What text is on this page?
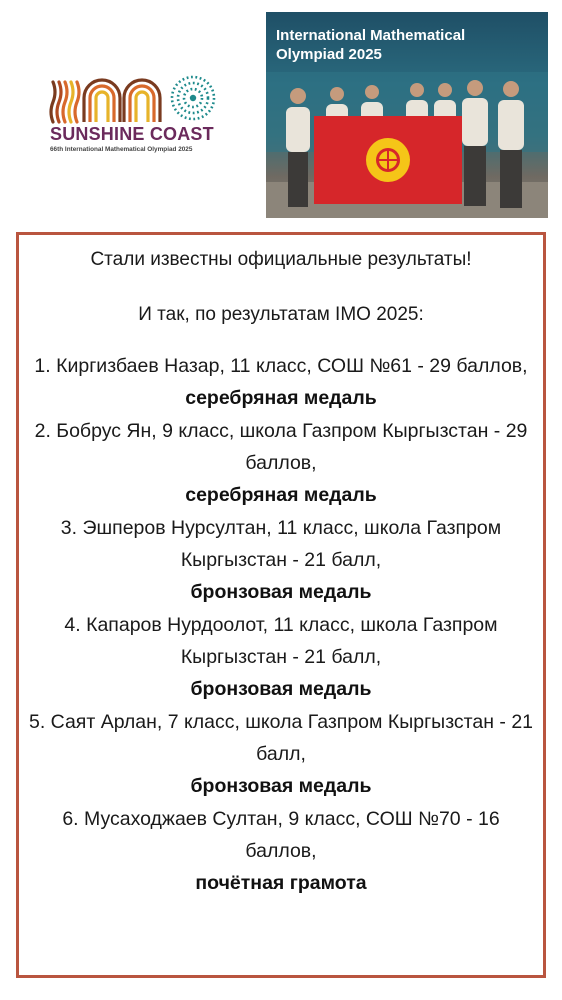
SUNSHINE COAST
66th International Mathematical Olympiad 2025
International Mathematical Olympiad 2025

Стали известны официальные результаты!

И так, по результатам IMO 2025:

1. Киргизбаев Назар, 11 класс, СОШ №61 - 29 баллов,

серебряная медаль

2. Бобрус Ян, 9 класс, школа Газпром Кыргызстан - 29 баллов,

серебряная медаль

3. Эшперов Нурсултан, 11 класс, школа Газпром Кыргызстан - 21 балл,

бронзовая медаль

4. Капаров Нурдоолот, 11 класс, школа Газпром Кыргызстан - 21 балл,

бронзовая медаль

5. Саят Арлан, 7 класс, школа Газпром Кыргызстан - 21 балл,

бронзовая медаль

6. Мусаходжаев Султан, 9 класс, СОШ №70 - 16 баллов,

почётная грамота
